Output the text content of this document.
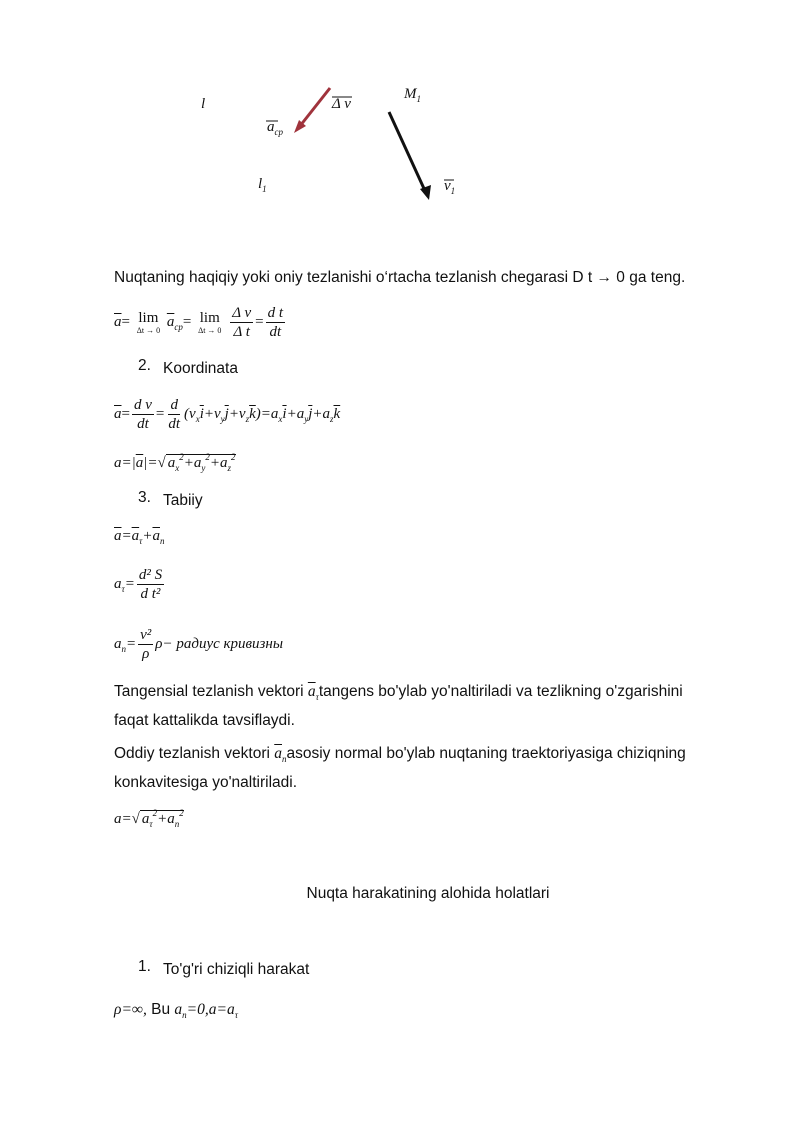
l
$a_{cp}$
Δ v
$M_1$
$l_1$	$v_1$
Nuqtaning haqiqiy yoki oniy tezlanishi o‘rtacha tezlanish chegarasi D t → 0 ga teng.
$\overline{a}= \lim$
Δt → 0
$\overline{a}_{cp}= \lim$
Δt → 0
$\frac{\text{Δ v}}{\text{Δ t}} = \frac{\text{d t}}{dt}$
2. Koordinata
$\overline{a}= \frac{\text{d v}}{dt} = \frac{d}{dt} (v_x\overline{i}+v_y\overline{j}+v_z\overline{k})=a_x\overline{i}+a_y\overline{j}+a_z\overline{k}$
$a=|\overline{a}|=√$ $a_x^2+a_y^2+a_z^2$
3. Tabiiy
$\overline{a}=\overline{a}_\tau+\overline{a}_n$
$a_\tau= \frac{\text{d² S}}{\text{d t²}}$
$a_n= \frac{\text{v²}}{\rho} \rho-$ радиус кривизны
Tangensial tezlanish vektori $\overline{a}_\tau tangens$ bo'ylab yo'naltiriladi va tezlikning o'zgarishini
faqat kattalikda tavsiflaydi.
Oddiy tezlanish vektori $\overline{a}_nasosiy$ normal bo'ylab nuqtaning traektoriyasiga chiziqning
konkavitesiga yo'naltiriladi.
a=√ $a_\tau^2+a_n^2$
Nuqta harakatining alohida holatlari
1. To'g'ri chiziqli harakat
ρ=∞, Bu $a_n=0,a=a_\tau$
